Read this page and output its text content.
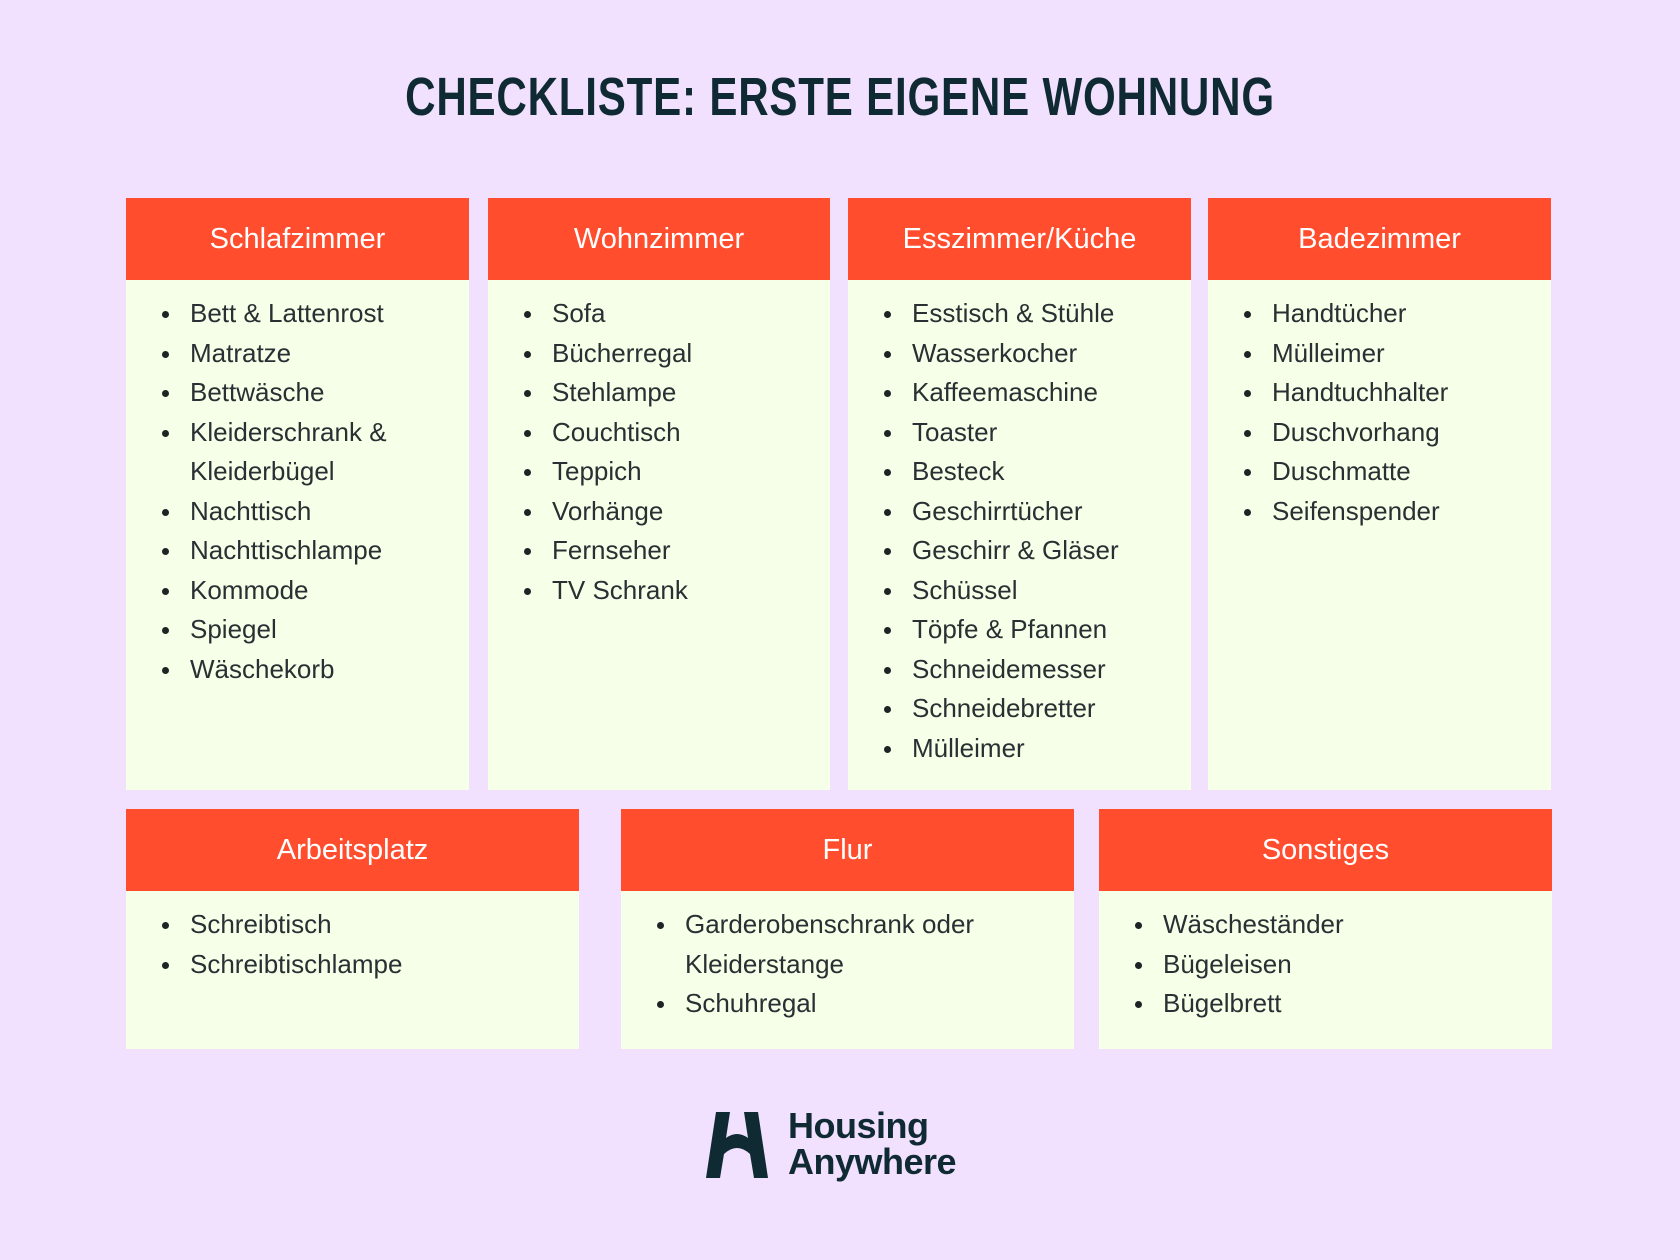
CHECKLISTE: ERSTE EIGENE WOHNUNG
Schlafzimmer
Bett & Lattenrost
Matratze
Bettwäsche
Kleiderschrank & Kleiderbügel
Nachttisch
Nachttischlampe
Kommode
Spiegel
Wäschekorb
Wohnzimmer
Sofa
Bücherregal
Stehlampe
Couchtisch
Teppich
Vorhänge
Fernseher
TV Schrank
Esszimmer/Küche
Esstisch & Stühle
Wasserkocher
Kaffeemaschine
Toaster
Besteck
Geschirrtücher
Geschirr & Gläser
Schüssel
Töpfe & Pfannen
Schneidemesser
Schneidebretter
Mülleimer
Badezimmer
Handtücher
Mülleimer
Handtuchhalter
Duschvorhang
Duschmatte
Seifenspender
Arbeitsplatz
Schreibtisch
Schreibtischlampe
Flur
Garderobenschrank oder Kleiderstange
Schuhregal
Sonstiges
Wäscheständer
Bügeleisen
Bügelbrett
Housing
Anywhere
